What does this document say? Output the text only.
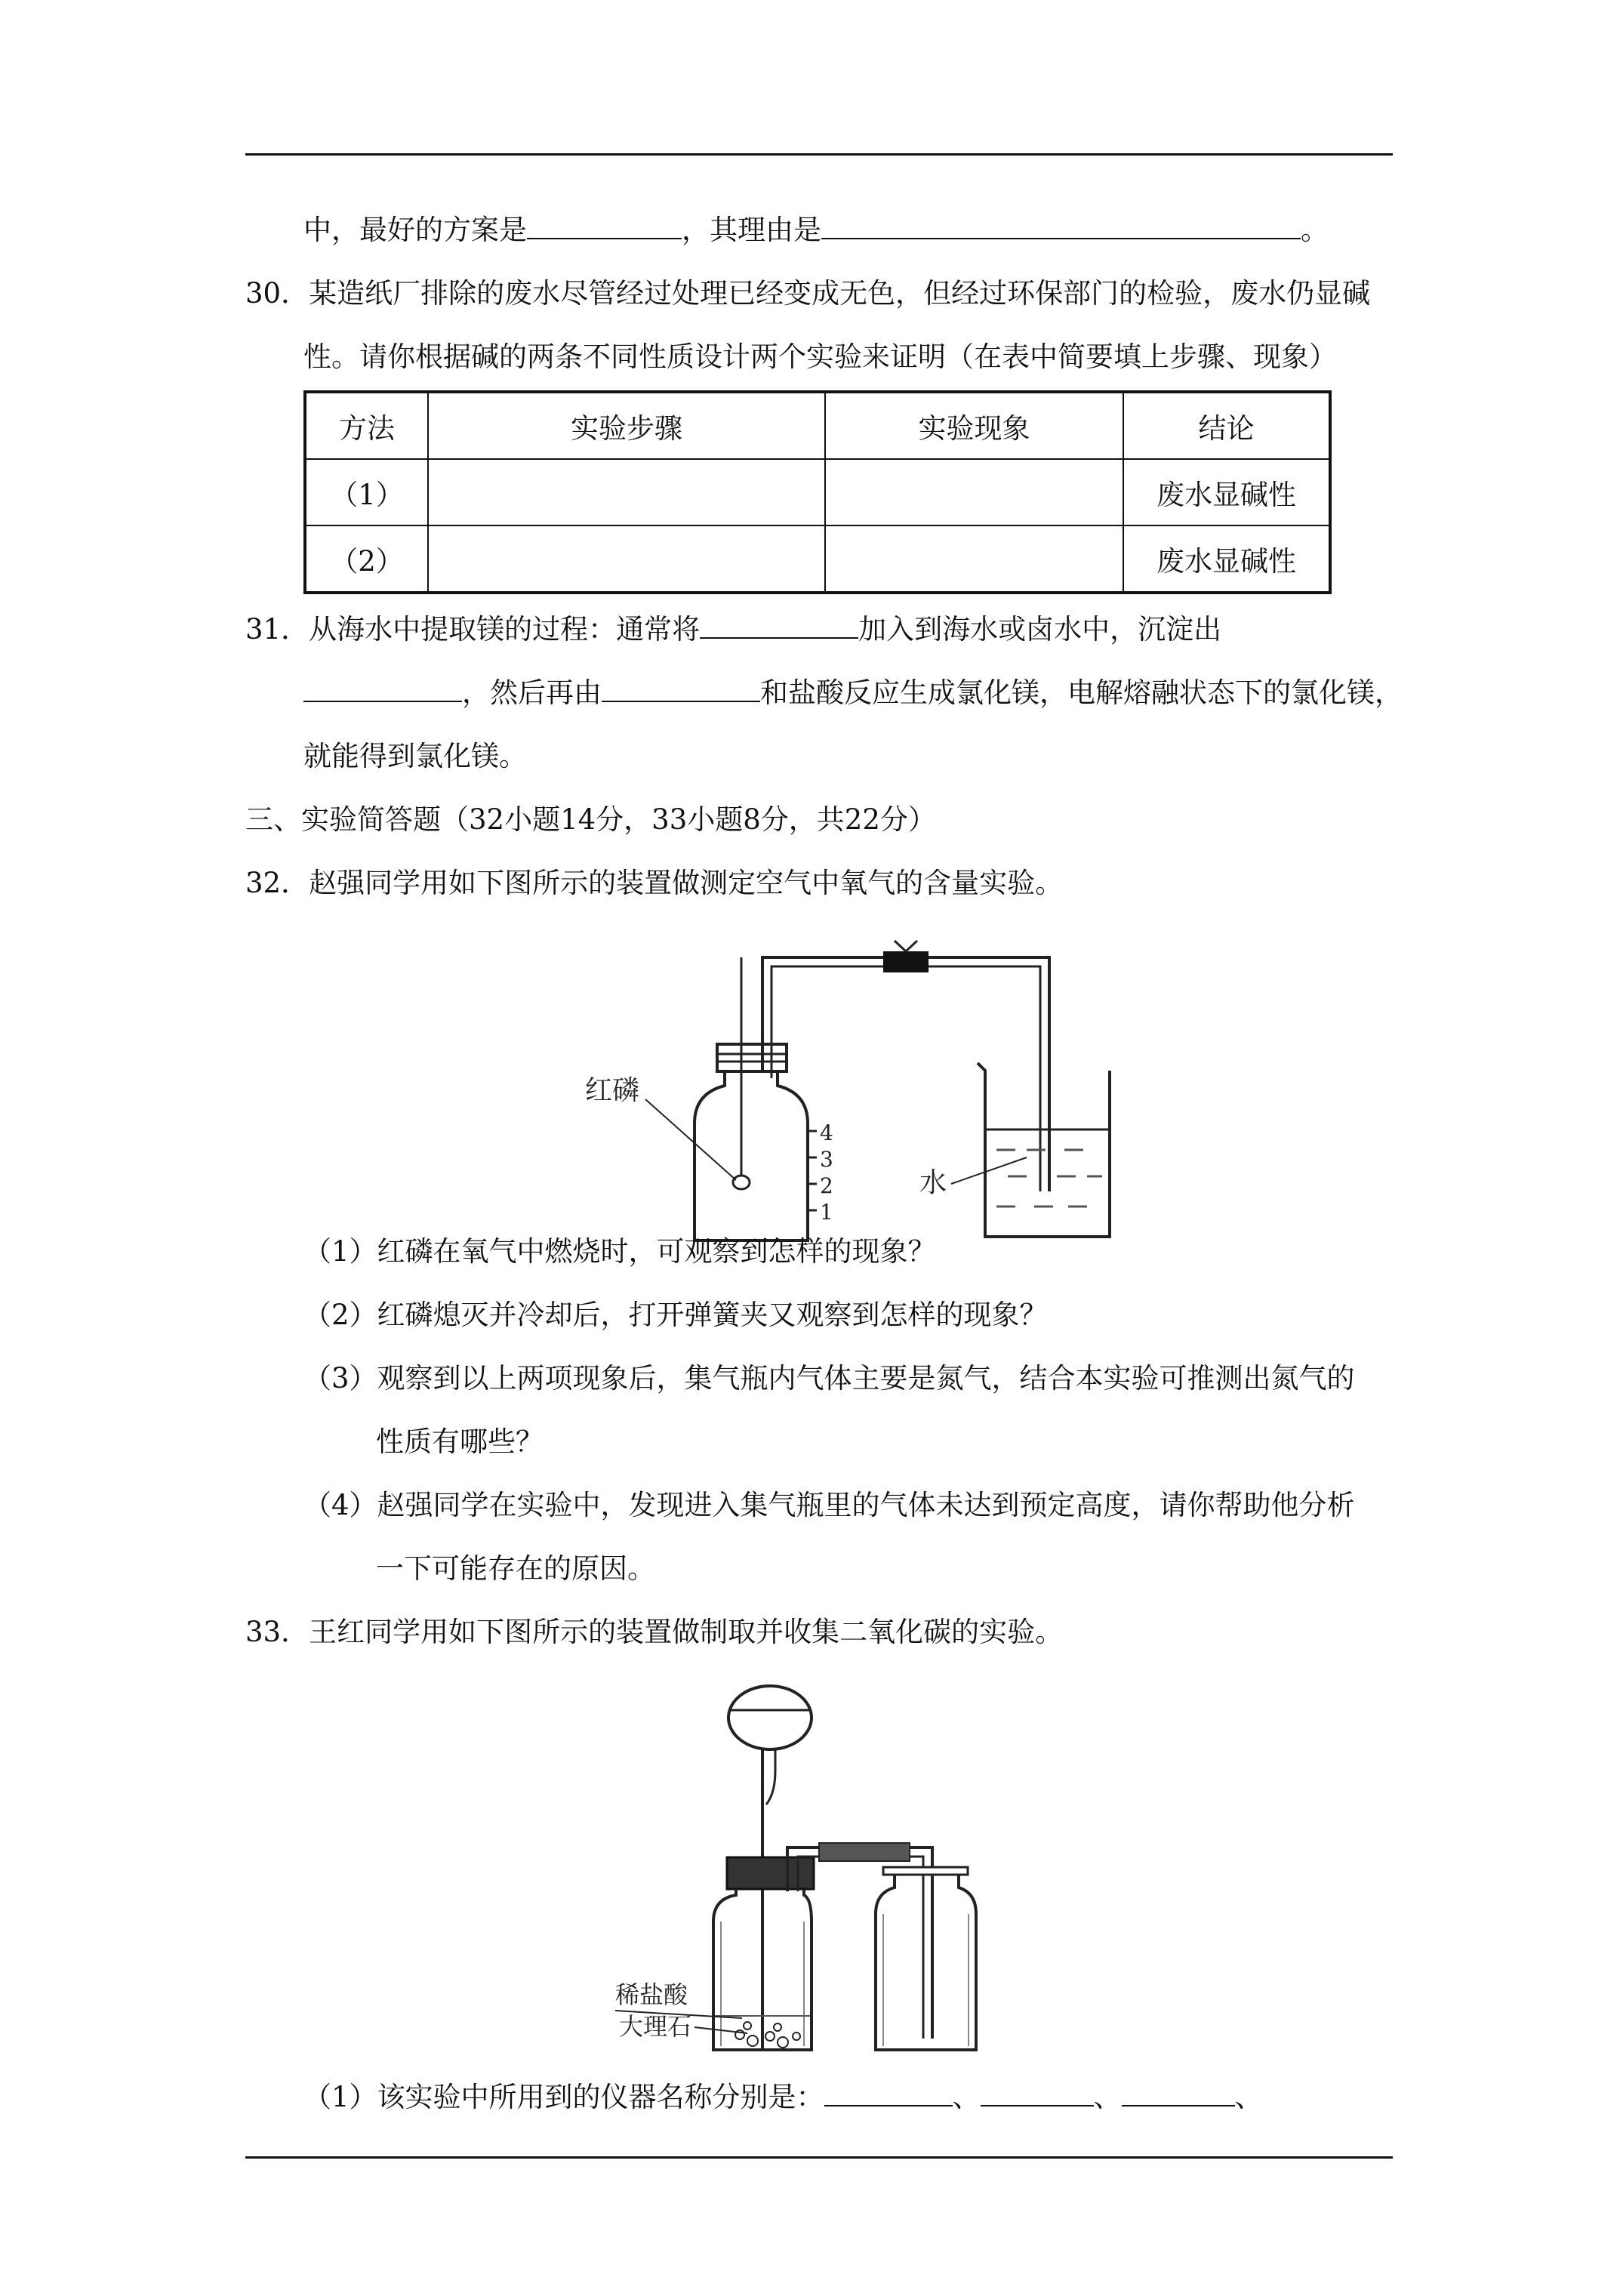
中，最好的方案是	，其理由是	。
30．某造纸厂排除的废水尽管经过处理已经变成无色，但经过环保部门的检验，废水仍显碱
性。请你根据碱的两条不同性质设计两个实验来证明（在表中简要填上步骤、现象）
方法	实验步骤	实验现象	结论
（1）			废水显碱性
（2）			废水显碱性
31．从海水中提取镁的过程：通常将	加入到海水或卤水中，沉淀出
，然后再由	和盐酸反应生成氯化镁，电解熔融状态下的氯化镁，
就能得到氯化镁。
三、实验简答题（32小题14分，33小题8分，共22分）
32．赵强同学用如下图所示的装置做测定空气中氧气的含量实验。
4
3
2
1
红磷
水
（1）红磷在氧气中燃烧时，可观察到怎样的现象？
（2）红磷熄灭并冷却后，打开弹簧夹又观察到怎样的现象？
（3）观察到以上两项现象后，集气瓶内气体主要是氮气，结合本实验可推测出氮气的
性质有哪些？
（4）赵强同学在实验中，发现进入集气瓶里的气体未达到预定高度，请你帮助他分析
一下可能存在的原因。
33．王红同学用如下图所示的装置做制取并收集二氧化碳的实验。
稀盐酸
大理石
（1）该实验中所用到的仪器名称分别是：	、	、	、
